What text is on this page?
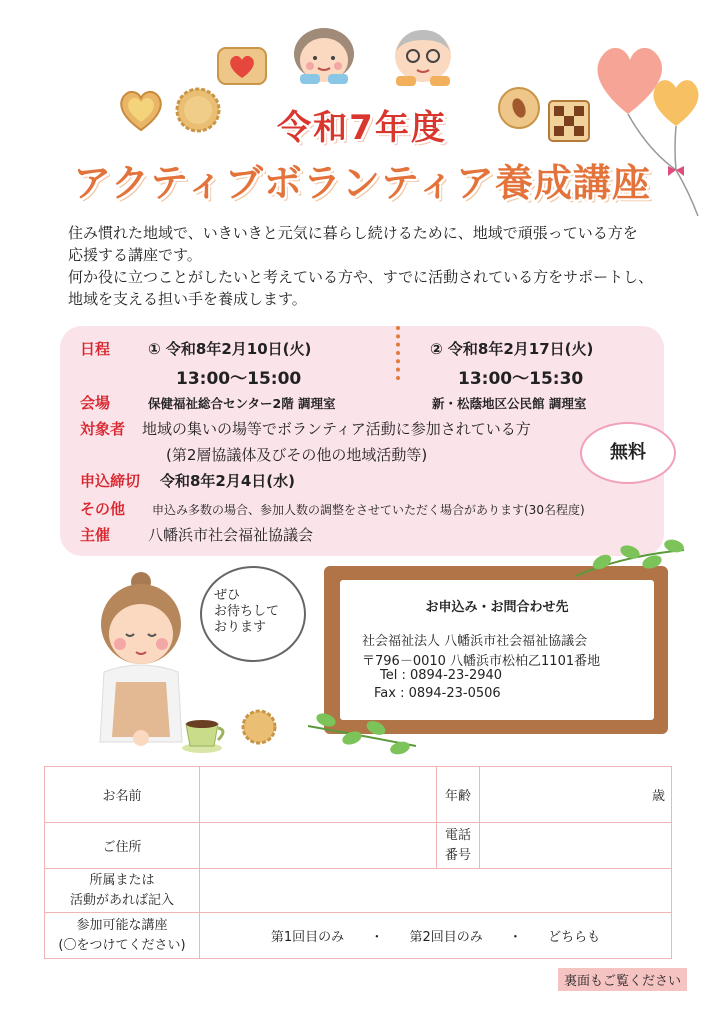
令和7年度
アクティブボランティア養成講座

住み慣れた地域で、いきいきと元気に暮らし続けるために、地域で頑張っている方を

応援する講座です。

何か役に立つことがしたいと考えている方や、すでに活動されている方をサポートし、

地域を支える担い手を養成します。

日程	① 令和8年2月10日(火)
13:00～15:00
② 令和8年2月17日(火)
13:00～15:30
会場	保健福祉総合センター2階 調理室	新・松蔭地区公民館 調理室
対象者 地域の集いの場等でボランティア活動に参加されている方
(第2層協議体及びその他の地域活動等)
申込締切 令和8年2月4日(水)
その他 申込み多数の場合、参加人数の調整をさせていただく場合があります(30名程度)
主催	八幡浜市社会福祉協議会
無料
ぜひ
お待ちして
おります
お申込み・お問合わせ先
社会福祉法人 八幡浜市社会福祉協議会
〒796－0010 八幡浜市松柏乙1101番地
Tel : 0894-23-2940
Fax : 0894-23-0506
お名前		年齢	歳
ご住所		電話
番号	

所属または
活動があれば記入			

参加可能な講座
(〇をつけてください)	第1回目のみ ・ 第2回目のみ ・ どちらも		
裏面もご覧ください
